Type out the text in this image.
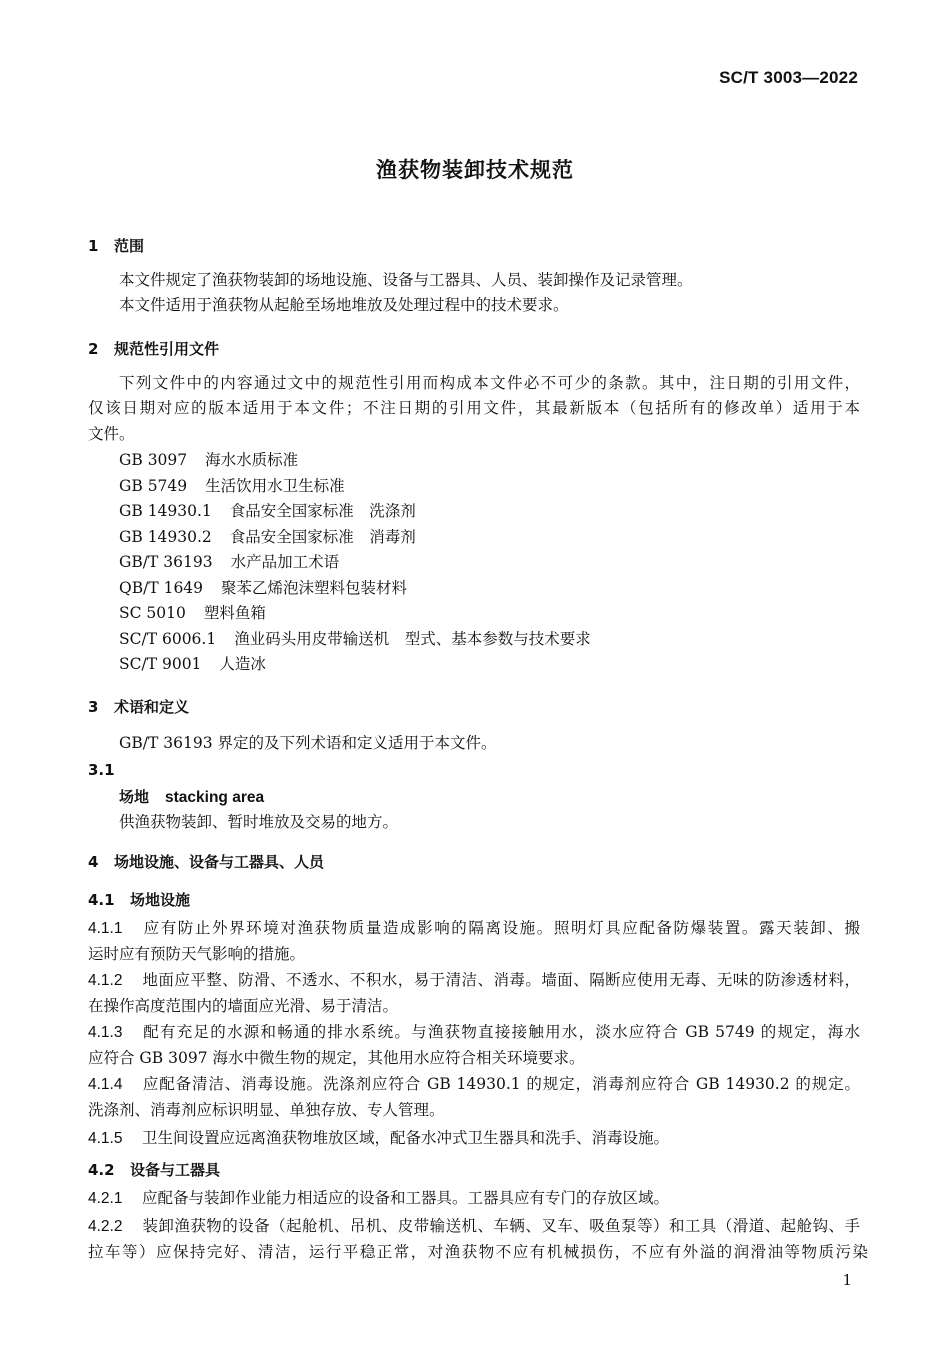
SC/T 3003—2022
渔获物装卸技术规范
1 范围
本文件规定了渔获物装卸的场地设施、设备与工器具、人员、装卸操作及记录管理。
本文件适用于渔获物从起舱至场地堆放及处理过程中的技术要求。
2 规范性引用文件
下列文件中的内容通过文中的规范性引用而构成本文件必不可少的条款。其中，注日期的引用文件，
仅该日期对应的版本适用于本文件；不注日期的引用文件，其最新版本（包括所有的修改单）适用于本
文件。
GB 3097 海水水质标准
GB 5749 生活饮用水卫生标准
GB 14930.1 食品安全国家标准　洗涤剂
GB 14930.2 食品安全国家标准　消毒剂
GB/T 36193 水产品加工术语
QB/T 1649 聚苯乙烯泡沫塑料包装材料
SC 5010 塑料鱼箱
SC/T 6006.1 渔业码头用皮带输送机　型式、基本参数与技术要求
SC/T 9001 人造冰
3 术语和定义
GB/T 36193 界定的及下列术语和定义适用于本文件。
3.1
场地 stacking area
供渔获物装卸、暂时堆放及交易的地方。
4 场地设施、设备与工器具、人员
4.1 场地设施
4.1.1 应有防止外界环境对渔获物质量造成影响的隔离设施。照明灯具应配备防爆装置。露天装卸、搬
运时应有预防天气影响的措施。
4.1.2 地面应平整、防滑、不透水、不积水，易于清洁、消毒。墙面、隔断应使用无毒、无味的防渗透材料，
在操作高度范围内的墙面应光滑、易于清洁。
4.1.3 配有充足的水源和畅通的排水系统。与渔获物直接接触用水，淡水应符合 GB 5749 的规定，海水
应符合 GB 3097 海水中微生物的规定，其他用水应符合相关环境要求。
4.1.4 应配备清洁、消毒设施。洗涤剂应符合 GB 14930.1 的规定，消毒剂应符合 GB 14930.2 的规定。
洗涤剂、消毒剂应标识明显、单独存放、专人管理。
4.1.5 卫生间设置应远离渔获物堆放区域，配备水冲式卫生器具和洗手、消毒设施。
4.2 设备与工器具
4.2.1 应配备与装卸作业能力相适应的设备和工器具。工器具应有专门的存放区域。
4.2.2 装卸渔获物的设备（起舱机、吊机、皮带输送机、车辆、叉车、吸鱼泵等）和工具（滑道、起舱钩、手
拉车等）应保持完好、清洁，运行平稳正常，对渔获物不应有机械损伤，不应有外溢的润滑油等物质污染
1
